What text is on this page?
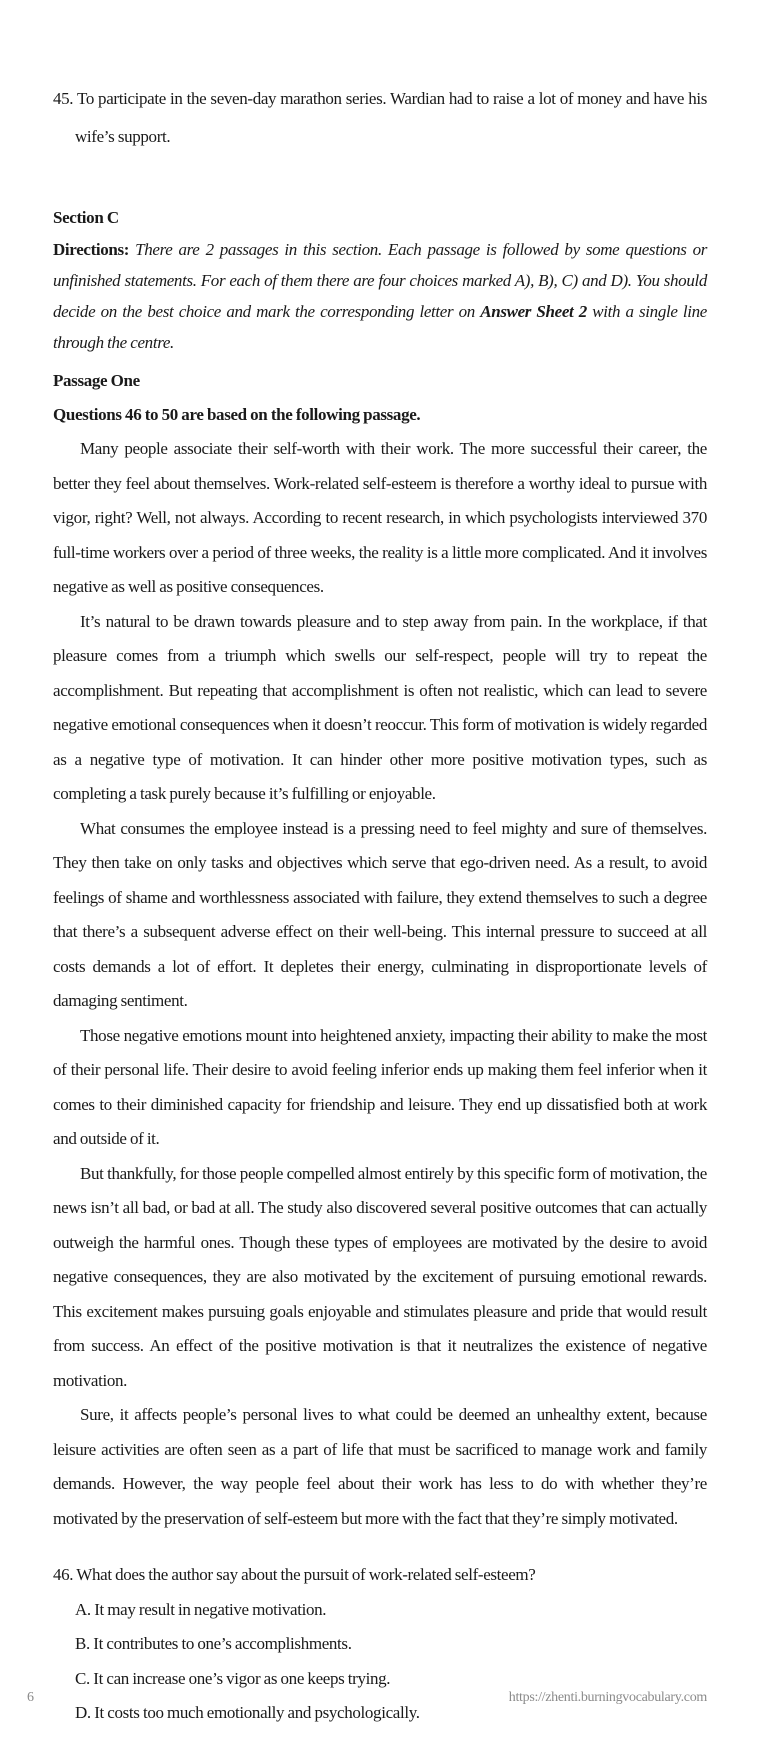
45. To participate in the seven-day marathon series. Wardian had to raise a lot of money and have his wife’s support.

Section C

Directions: There are 2 passages in this section. Each passage is followed by some questions or unfinished statements. For each of them there are four choices marked A), B), C) and D). You should decide on the best choice and mark the corresponding letter on Answer Sheet 2 with a single line through the centre.

Passage One
Questions 46 to 50 are based on the following passage.

Many people associate their self-worth with their work. The more successful their career, the better they feel about themselves. Work-related self-esteem is therefore a worthy ideal to pursue with vigor, right? Well, not always. According to recent research, in which psychologists interviewed 370 full-time workers over a period of three weeks, the reality is a little more complicated. And it involves negative as well as positive consequences.

It’s natural to be drawn towards pleasure and to step away from pain. In the workplace, if that pleasure comes from a triumph which swells our self-respect, people will try to repeat the accomplishment. But repeating that accomplishment is often not realistic, which can lead to severe negative emotional consequences when it doesn’t reoccur. This form of motivation is widely regarded as a negative type of motivation. It can hinder other more positive motivation types, such as completing a task purely because it’s fulfilling or enjoyable.

What consumes the employee instead is a pressing need to feel mighty and sure of themselves. They then take on only tasks and objectives which serve that ego-driven need. As a result, to avoid feelings of shame and worthlessness associated with failure, they extend themselves to such a degree that there’s a subsequent adverse effect on their well-being. This internal pressure to succeed at all costs demands a lot of effort. It depletes their energy, culminating in disproportionate levels of damaging sentiment.

Those negative emotions mount into heightened anxiety, impacting their ability to make the most of their personal life. Their desire to avoid feeling inferior ends up making them feel inferior when it comes to their diminished capacity for friendship and leisure. They end up dissatisfied both at work and outside of it.

But thankfully, for those people compelled almost entirely by this specific form of motivation, the news isn’t all bad, or bad at all. The study also discovered several positive outcomes that can actually outweigh the harmful ones. Though these types of employees are motivated by the desire to avoid negative consequences, they are also motivated by the excitement of pursuing emotional rewards. This excitement makes pursuing goals enjoyable and stimulates pleasure and pride that would result from success. An effect of the positive motivation is that it neutralizes the existence of negative motivation.

Sure, it affects people’s personal lives to what could be deemed an unhealthy extent, because leisure activities are often seen as a part of life that must be sacrificed to manage work and family demands. However, the way people feel about their work has less to do with whether they’re motivated by the preservation of self-esteem but more with the fact that they’re simply motivated.

46. What does the author say about the pursuit of work-related self-esteem?

A. It may result in negative motivation.

B. It contributes to one’s accomplishments.

C. It can increase one’s vigor as one keeps trying.

D. It costs too much emotionally and psychologically.

6	https://zhenti.burningvocabulary.com
